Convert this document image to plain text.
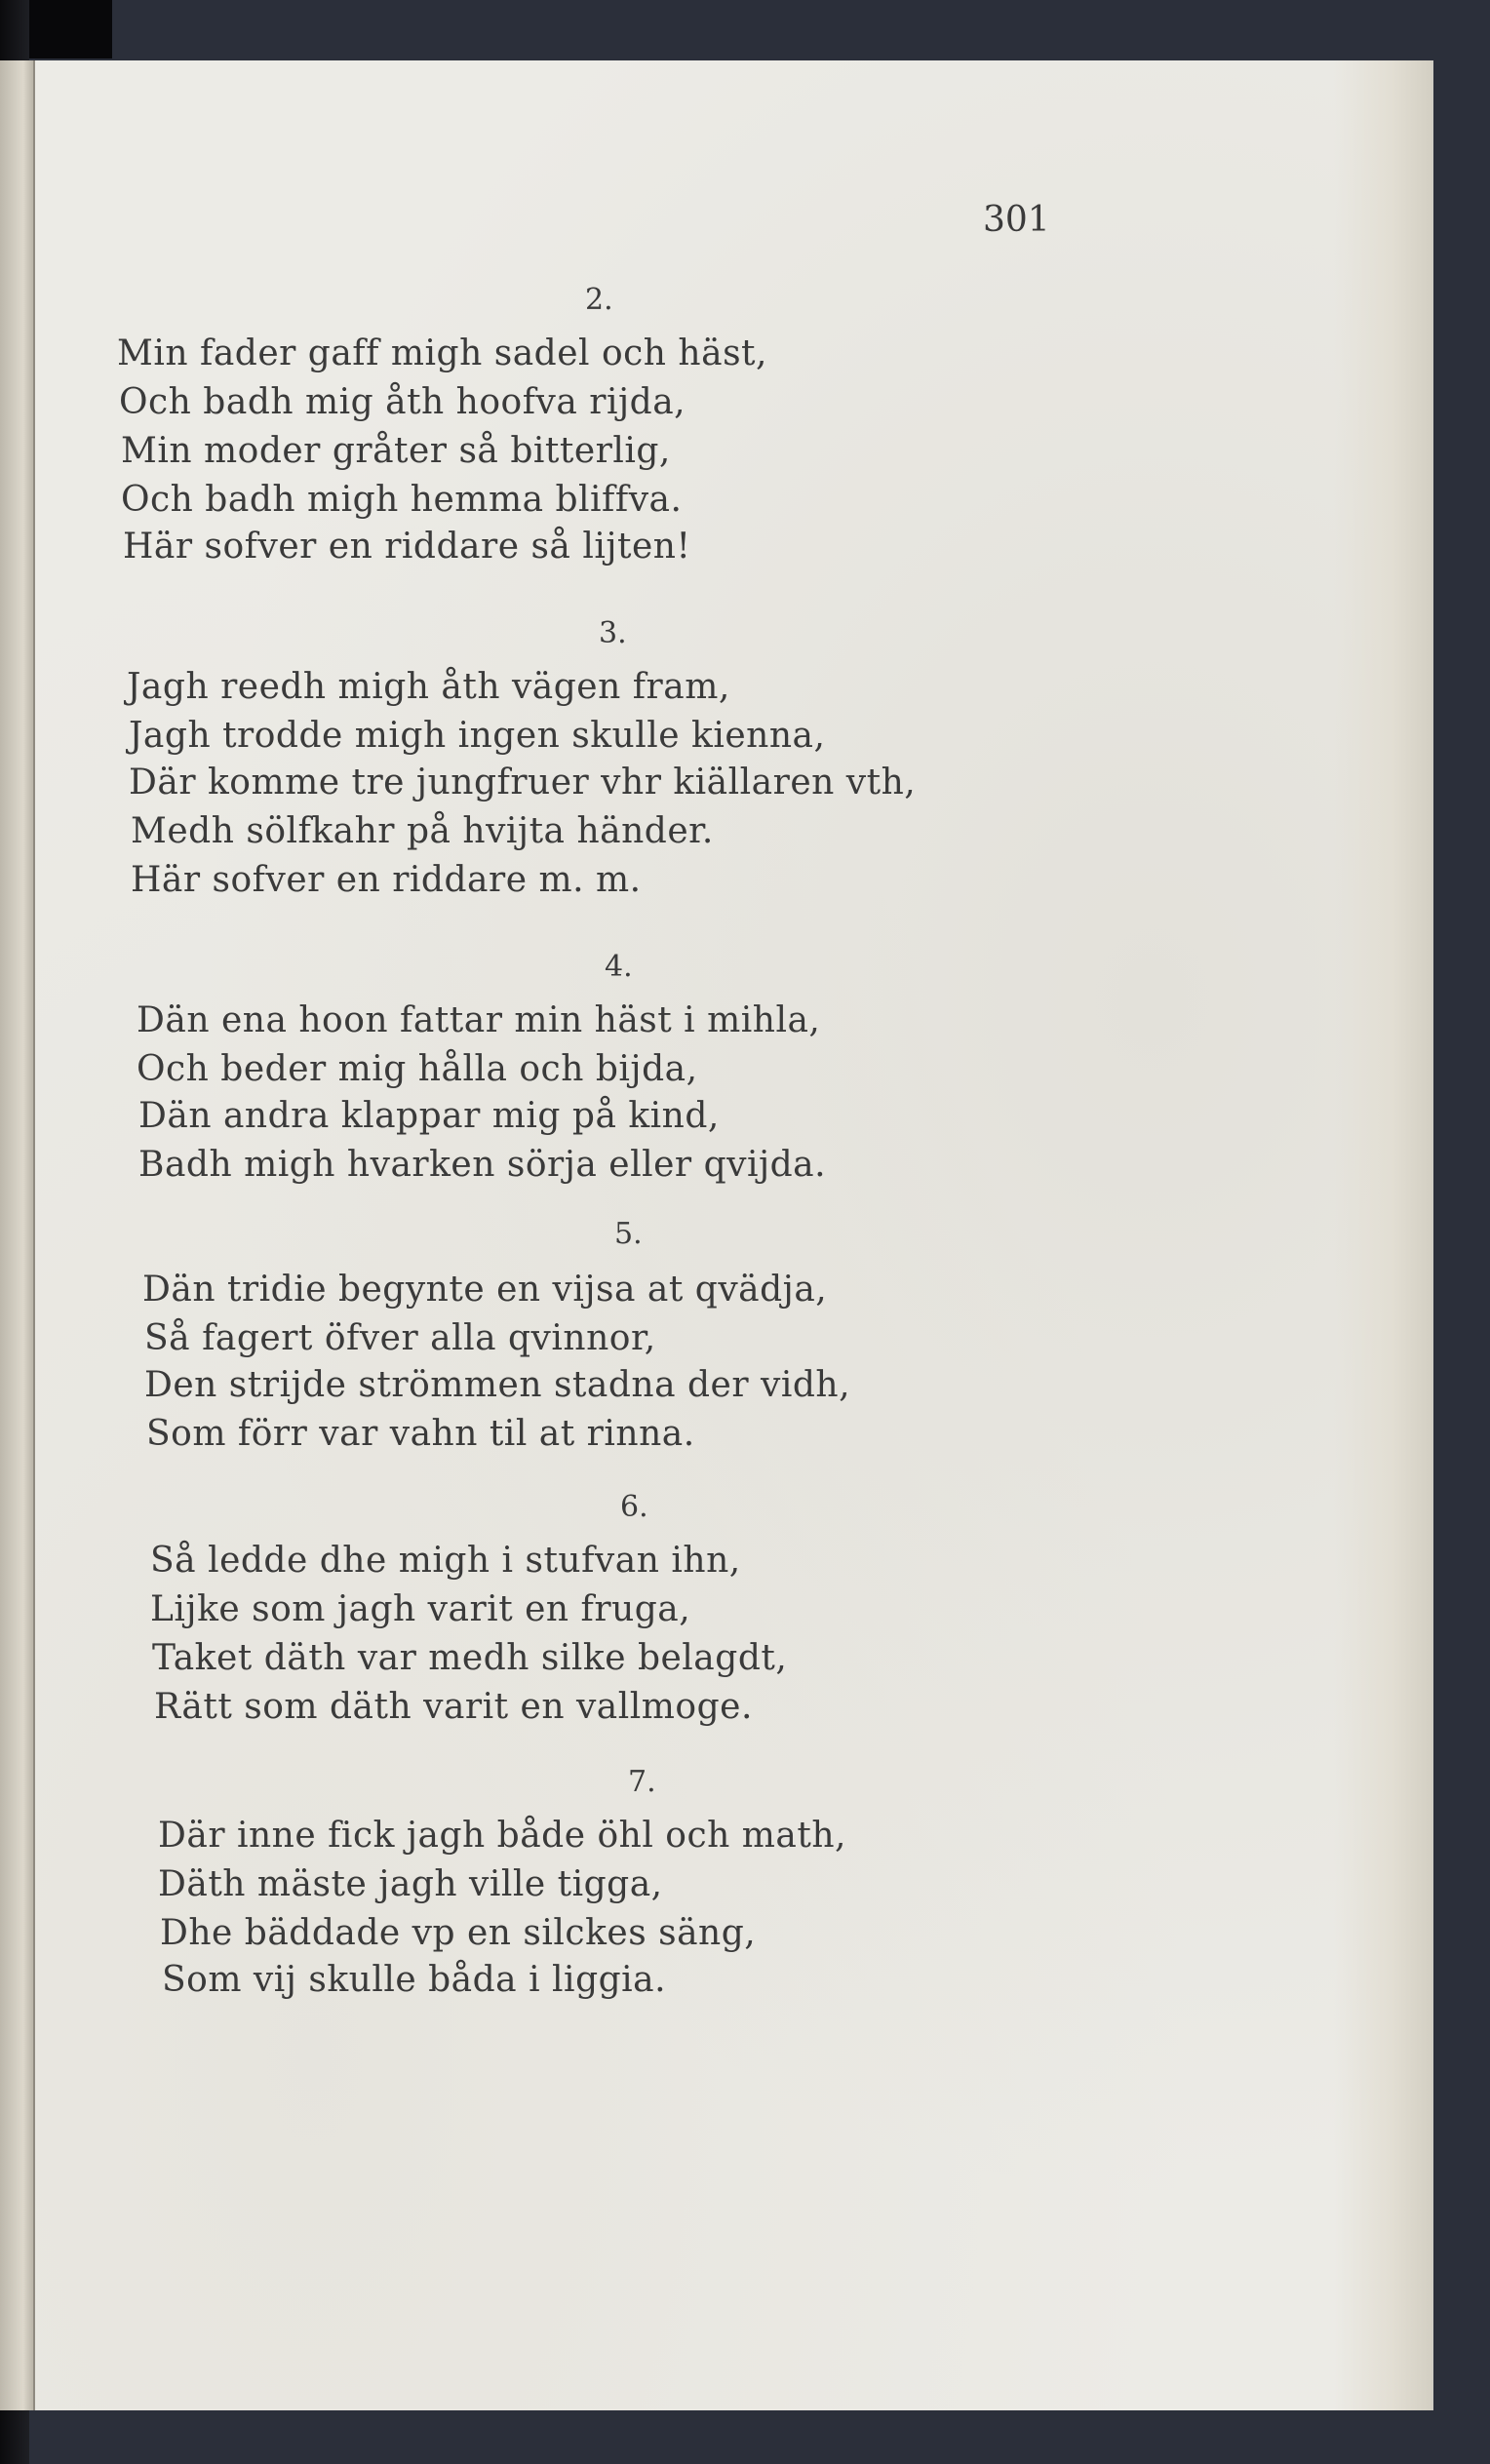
301
2.
Min fader gaff migh sadel och häst,
Och badh mig åth hoofva rijda,
Min moder gråter så bitterlig,
Och badh migh hemma bliffva.
Här sofver en riddare så lijten!
3.
Jagh reedh migh åth vägen fram,
Jagh trodde migh ingen skulle kienna,
Där komme tre jungfruer vhr kiällaren vth,
Medh sölfkahr på hvijta händer.
Här sofver en riddare m. m.
4.
Dän ena hoon fattar min häst i mihla,
Och beder mig hålla och bijda,
Dän andra klappar mig på kind,
Badh migh hvarken sörja eller qvijda.
5.
Dän tridie begynte en vijsa at qvädja,
Så fagert öfver alla qvinnor,
Den strijde strömmen stadna der vidh,
Som förr var vahn til at rinna.
6.
Så ledde dhe migh i stufvan ihn,
Lijke som jagh varit en fruga,
Taket däth var medh silke belagdt,
Rätt som däth varit en vallmoge.
7.
Där inne fick jagh både öhl och math,
Däth mäste jagh ville tigga,
Dhe bäddade vp en silckes säng,
Som vij skulle båda i liggia.
